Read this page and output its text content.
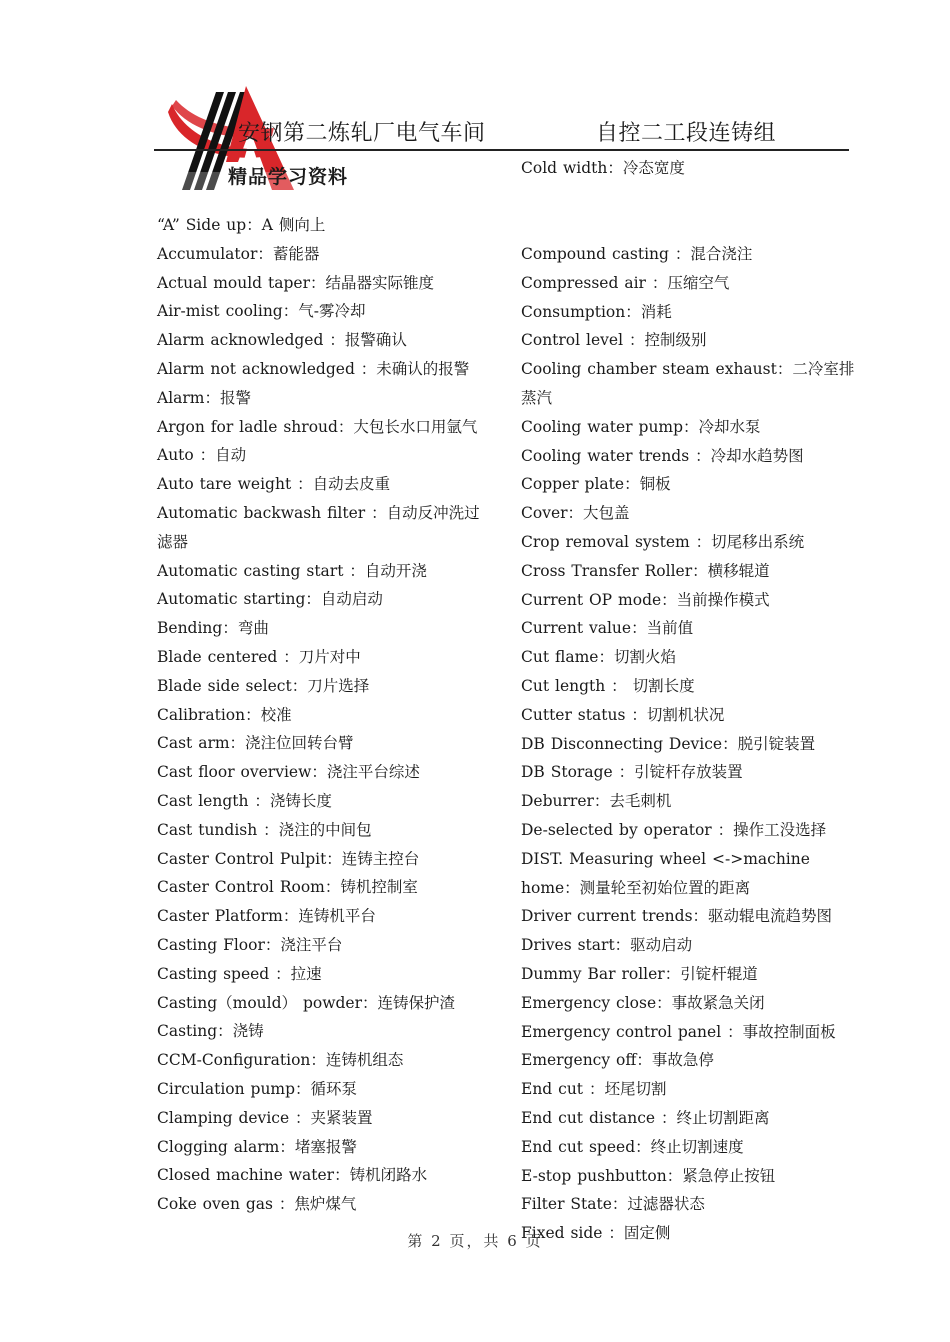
安钢第二炼轧厂电气车间	自控二工段连铸组
精品学习资料	Cold width：冷态宽度
“A” Side up：A 侧向上
Accumulator：蓄能器
Actual mould taper：结晶器实际锥度
Air-mist cooling：气-雾冷却
Alarm acknowledged ：报警确认
Alarm not acknowledged ：未确认的报警
Alarm：报警
Argon for ladle shroud：大包长水口用氩气
Auto ：自动
Auto tare weight ：自动去皮重
Automatic backwash filter ：自动反冲洗过滤器
Automatic casting start ：自动开浇
Automatic starting：自动启动
Bending：弯曲
Blade centered ：刀片对中
Blade side select：刀片选择
Calibration：校准
Cast arm：浇注位回转台臂
Cast floor overview：浇注平台综述
Cast length ：浇铸长度
Cast tundish ：浇注的中间包
Caster Control Pulpit：连铸主控台
Caster Control Room：铸机控制室
Caster Platform：连铸机平台
Casting Floor：浇注平台
Casting speed ：拉速
Casting（mould） powder：连铸保护渣
Casting：浇铸
CCM-Configuration：连铸机组态
Circulation pump：循环泵
Clamping device ：夹紧装置
Clogging alarm：堵塞报警
Closed machine water：铸机闭路水
Coke oven gas ：焦炉煤气
Compound casting ：混合浇注
Compressed air ：压缩空气
Consumption：消耗
Control level ：控制级别
Cooling chamber steam exhaust：二冷室排蒸汽
Cooling water pump：冷却水泵
Cooling water trends ：冷却水趋势图
Copper plate：铜板
Cover：大包盖
Crop removal system ：切尾移出系统
Cross Transfer Roller：横移辊道
Current OP mode：当前操作模式
Current value：当前值
Cut flame：切割火焰
Cut length ： 切割长度
Cutter status ：切割机状况
DB Disconnecting Device：脱引锭装置
DB Storage ：引锭杆存放装置
Deburrer：去毛刺机
De-selected by operator ：操作工没选择
DIST. Measuring wheel <->machine home：测量轮至初始位置的距离
Driver current trends：驱动辊电流趋势图
Drives start：驱动启动
Dummy Bar roller：引锭杆辊道
Emergency close：事故紧急关闭
Emergency control panel ：事故控制面板
Emergency off：事故急停
End cut ：坯尾切割
End cut distance ：终止切割距离
End cut speed：终止切割速度
E-stop pushbutton：紧急停止按钮
Filter State：过滤器状态
Fixed side ：固定侧
第 2 页，共 6 页
